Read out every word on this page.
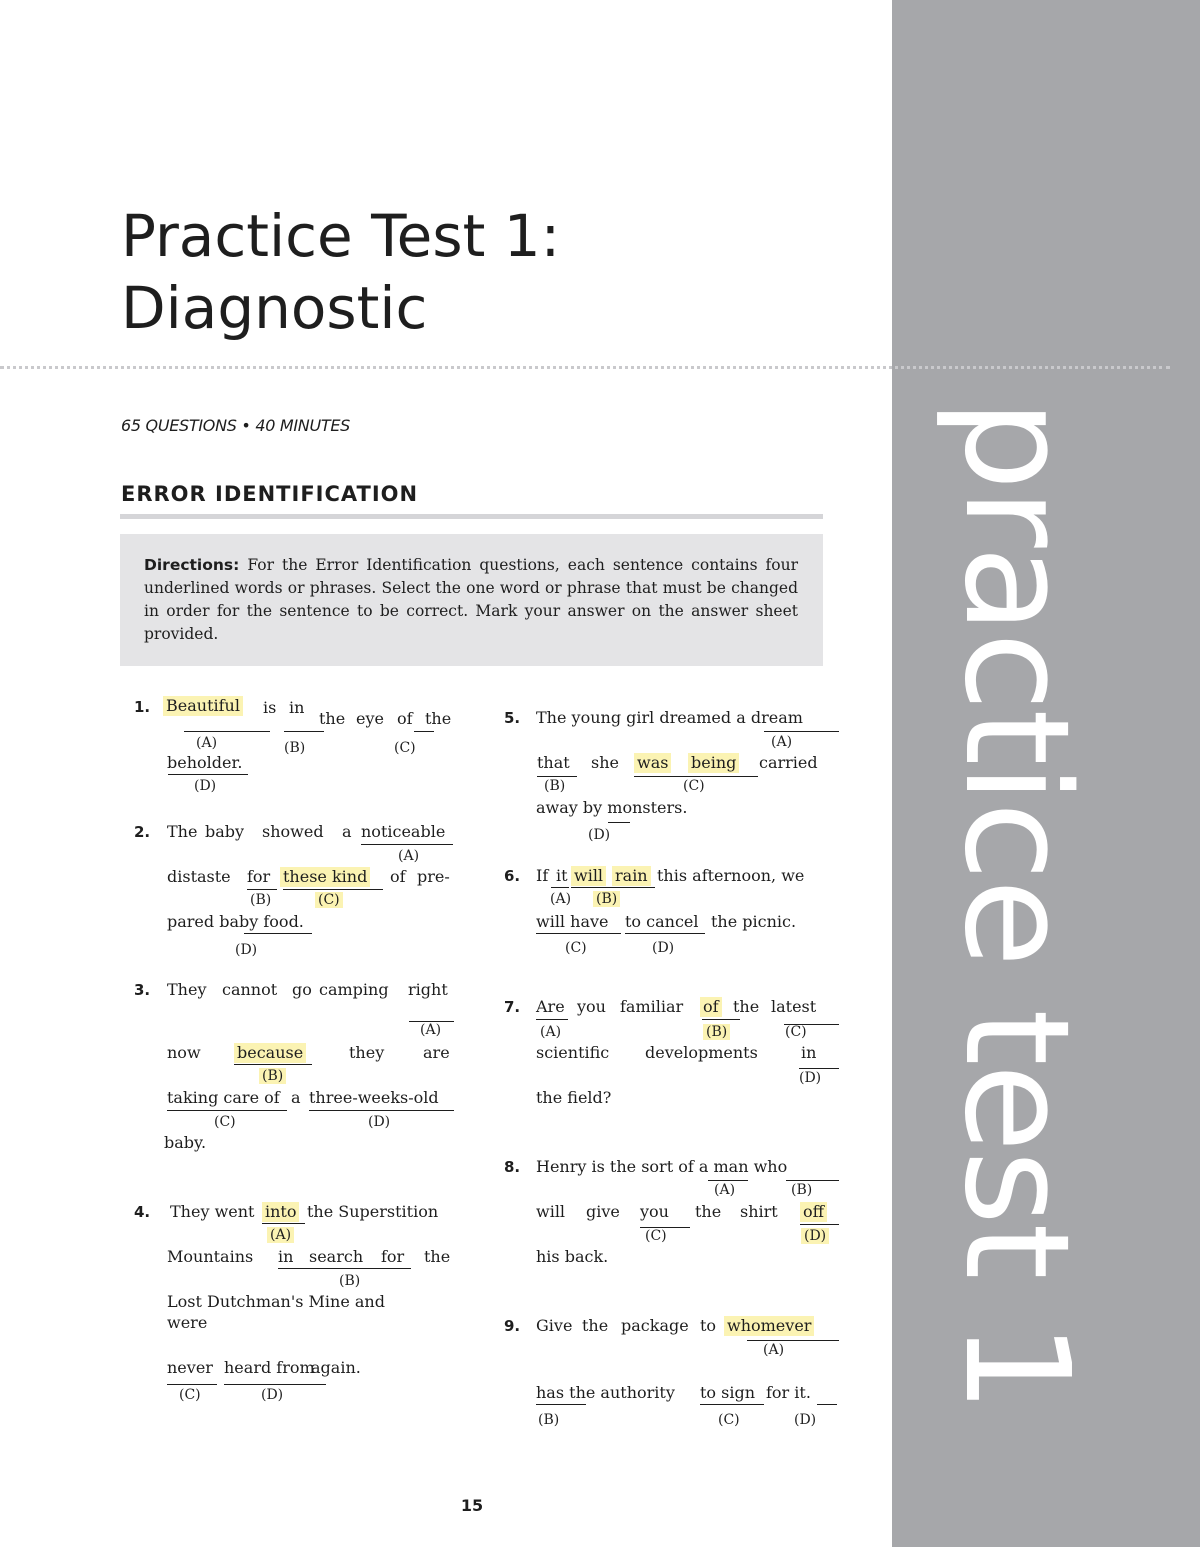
practice test 1
Practice Test 1: Diagnostic
65 QUESTIONS • 40 MINUTES
ERROR IDENTIFICATION
Directions: For the Error Identification questions, each sentence contains four underlined words or phrases. Select the one word or phrase that must be changed in order for the sentence to be correct. Mark your answer on the answer sheet provided.
1. Beautiful is in
the eye of the
beholder.
(A)	(B)	(C)
(D)
2. The baby showed a noticeable
distaste for these kind of pre-
pared baby food.
(A)
(B)	(C)
(D)
3. They cannot go camping right
now because	they are
taking care of a three-weeks-old
baby.
(A)
(B)
(C)	(D)
4. They went into the Superstition
Mountains in search for the
Lost Dutchman's Mine and
were
never heard from
again.
(A)
(B)
(C)	(D)
5. The young girl dreamed a dream
that she was being carried
away by monsters.
(A)
(B)	(C)
(D)
6. If it will rain this afternoon, we
will have to cancel the picnic.
(A) (B)
(C)	(D)
7. Are you familiar of the latest
scientific developments	in
the field?
(A)	(B)	(C)
(D)
8. Henry is the sort of a man who
will give you the shirt off
his back.
(A)	(B)
(C)	(D)
9. Give the package to whomever
has the authority to sign for it.
(A)
(B)	(C)	(D)
15
